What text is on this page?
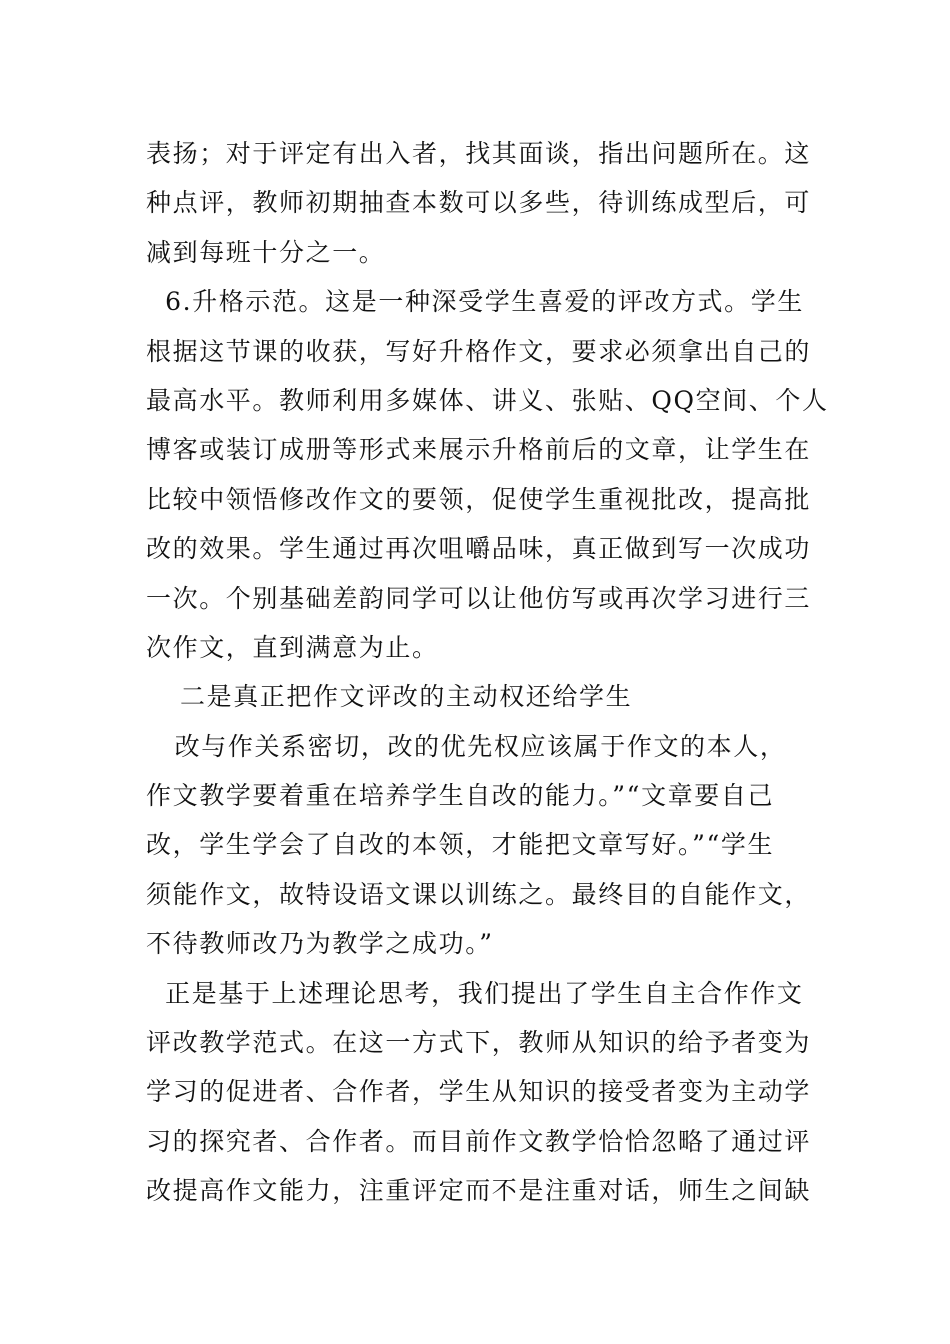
表扬；对于评定有出入者，找其面谈，指出问题所在。这
种点评，教师初期抽查本数可以多些，待训练成型后，可
减到每班十分之一。
6.升格示范。这是一种深受学生喜爱的评改方式。学生
根据这节课的收获，写好升格作文，要求必须拿出自己的
最高水平。教师利用多媒体、讲义、张贴、QQ空间、个人
博客或装订成册等形式来展示升格前后的文章，让学生在
比较中领悟修改作文的要领，促使学生重视批改，提高批
改的效果。学生通过再次咀嚼品味，真正做到写一次成功
一次。个别基础差韵同学可以让他仿写或再次学习进行三
次作文，直到满意为止。
二是真正把作文评改的主动权还给学生
改与作关系密切，改的优先权应该属于作文的本人，
作文教学要着重在培养学生自改的能力。”“文章要自己
改，学生学会了自改的本领，才能把文章写好。”“学生
须能作文，故特设语文课以训练之。最终目的自能作文，
不待教师改乃为教学之成功。”
正是基于上述理论思考，我们提出了学生自主合作作文
评改教学范式。在这一方式下，教师从知识的给予者变为
学习的促进者、合作者，学生从知识的接受者变为主动学
习的探究者、合作者。而目前作文教学恰恰忽略了通过评
改提高作文能力，注重评定而不是注重对话，师生之间缺
